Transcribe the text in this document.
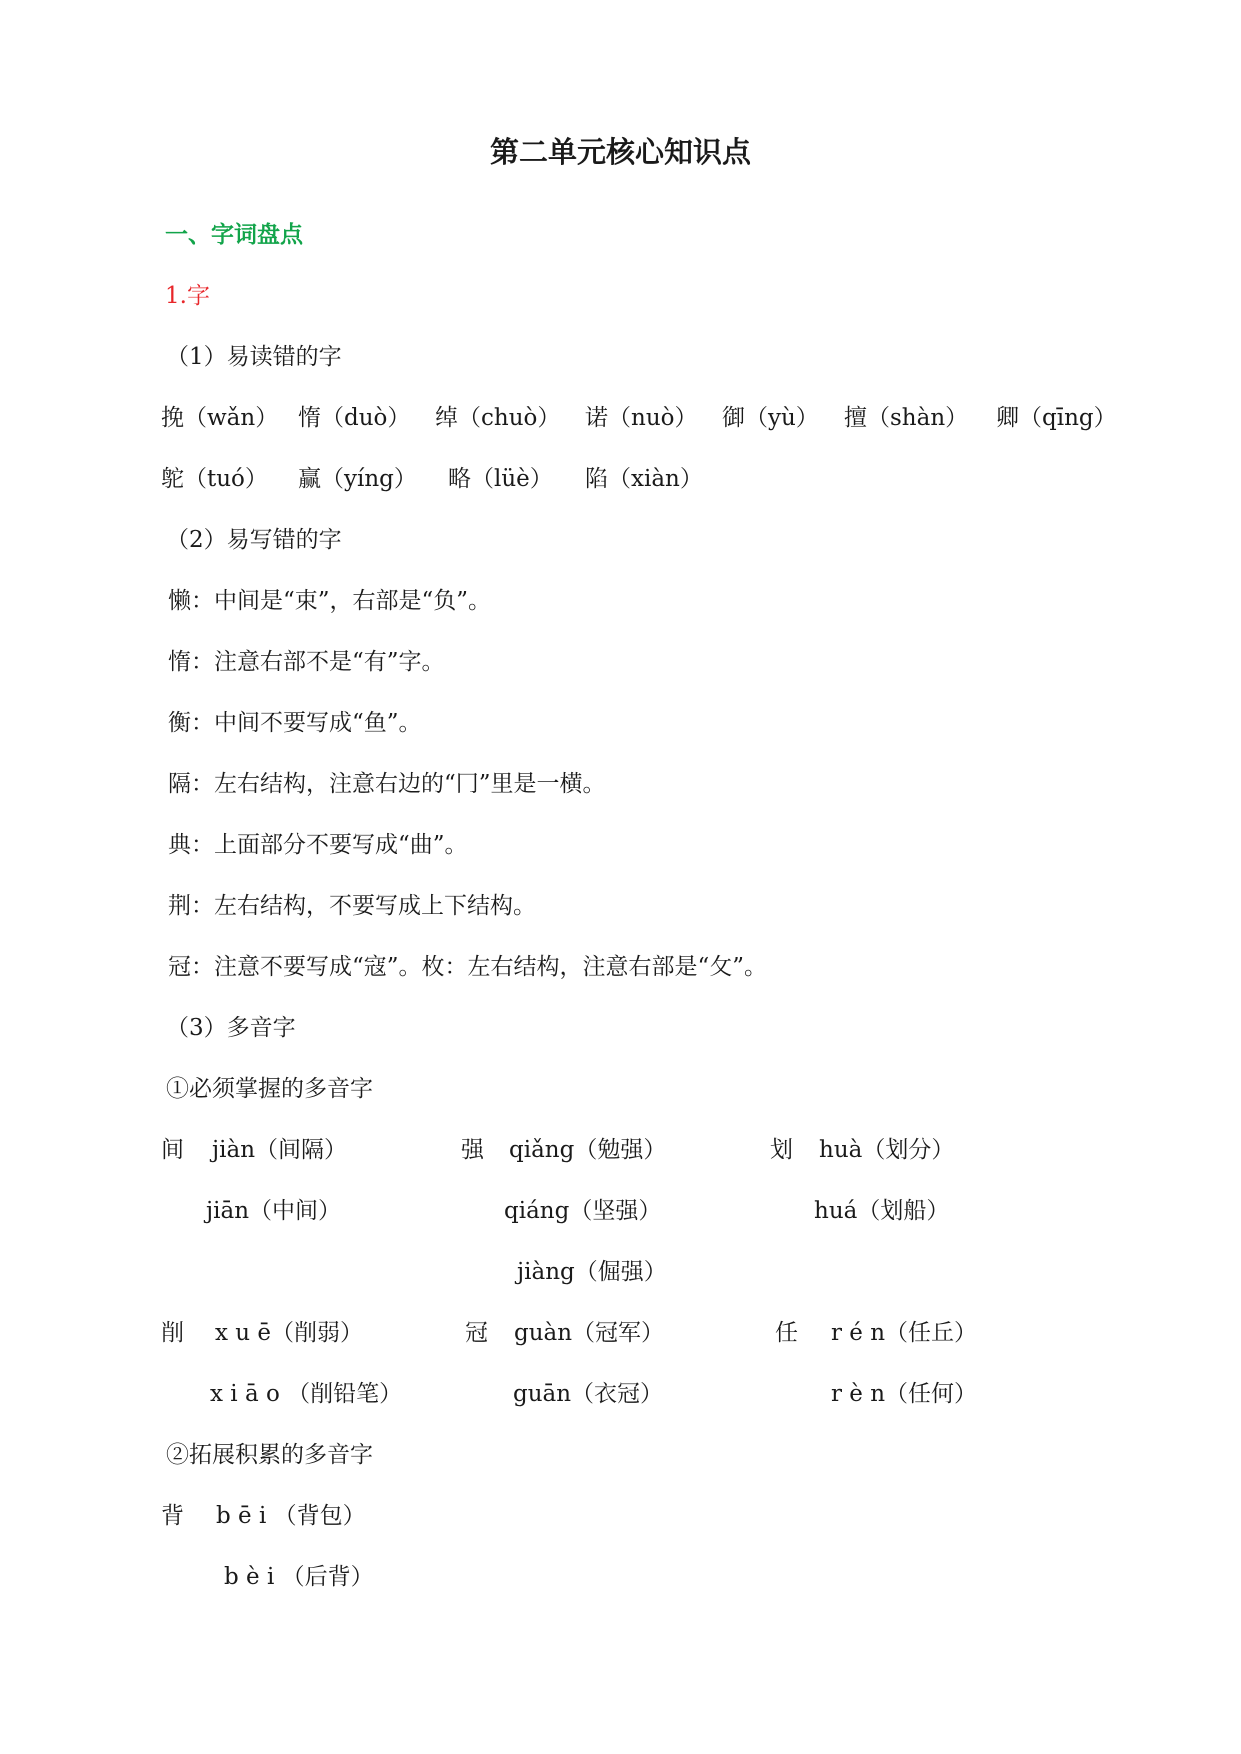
第二单元核心知识点
一、字词盘点
1.字
（1）易读错的字
挽（wǎn） 惰（duò） 绰（chuò） 诺（nuò） 御（yù） 擅（shàn） 卿（qīng）
鸵（tuó） 赢（yíng） 略（lüè） 陷（xiàn）
（2）易写错的字
懒：中间是“束”，右部是“负”。
惰：注意右部不是“有”字。
衡：中间不要写成“鱼”。
隔：左右结构，注意右边的“冂”里是一横。
典：上面部分不要写成“曲”。
荆：左右结构，不要写成上下结构。
冠：注意不要写成“寇”。枚：左右结构，注意右部是“攵”。
（3）多音字
①必须掌握的多音字
间 jiàn（间隔）
jiān（中间）
强 qiǎng（勉强）
qiáng（坚强）
jiàng（倔强）
划 huà（划分）
huá（划船）
削 x u ē（削弱）
x i ā o （削铅笔）
冠 guàn（冠军）
guān（衣冠）
任 r é n（任丘）
r è n（任何）
②拓展积累的多音字
背 b ē i （背包）
b è i （后背）
